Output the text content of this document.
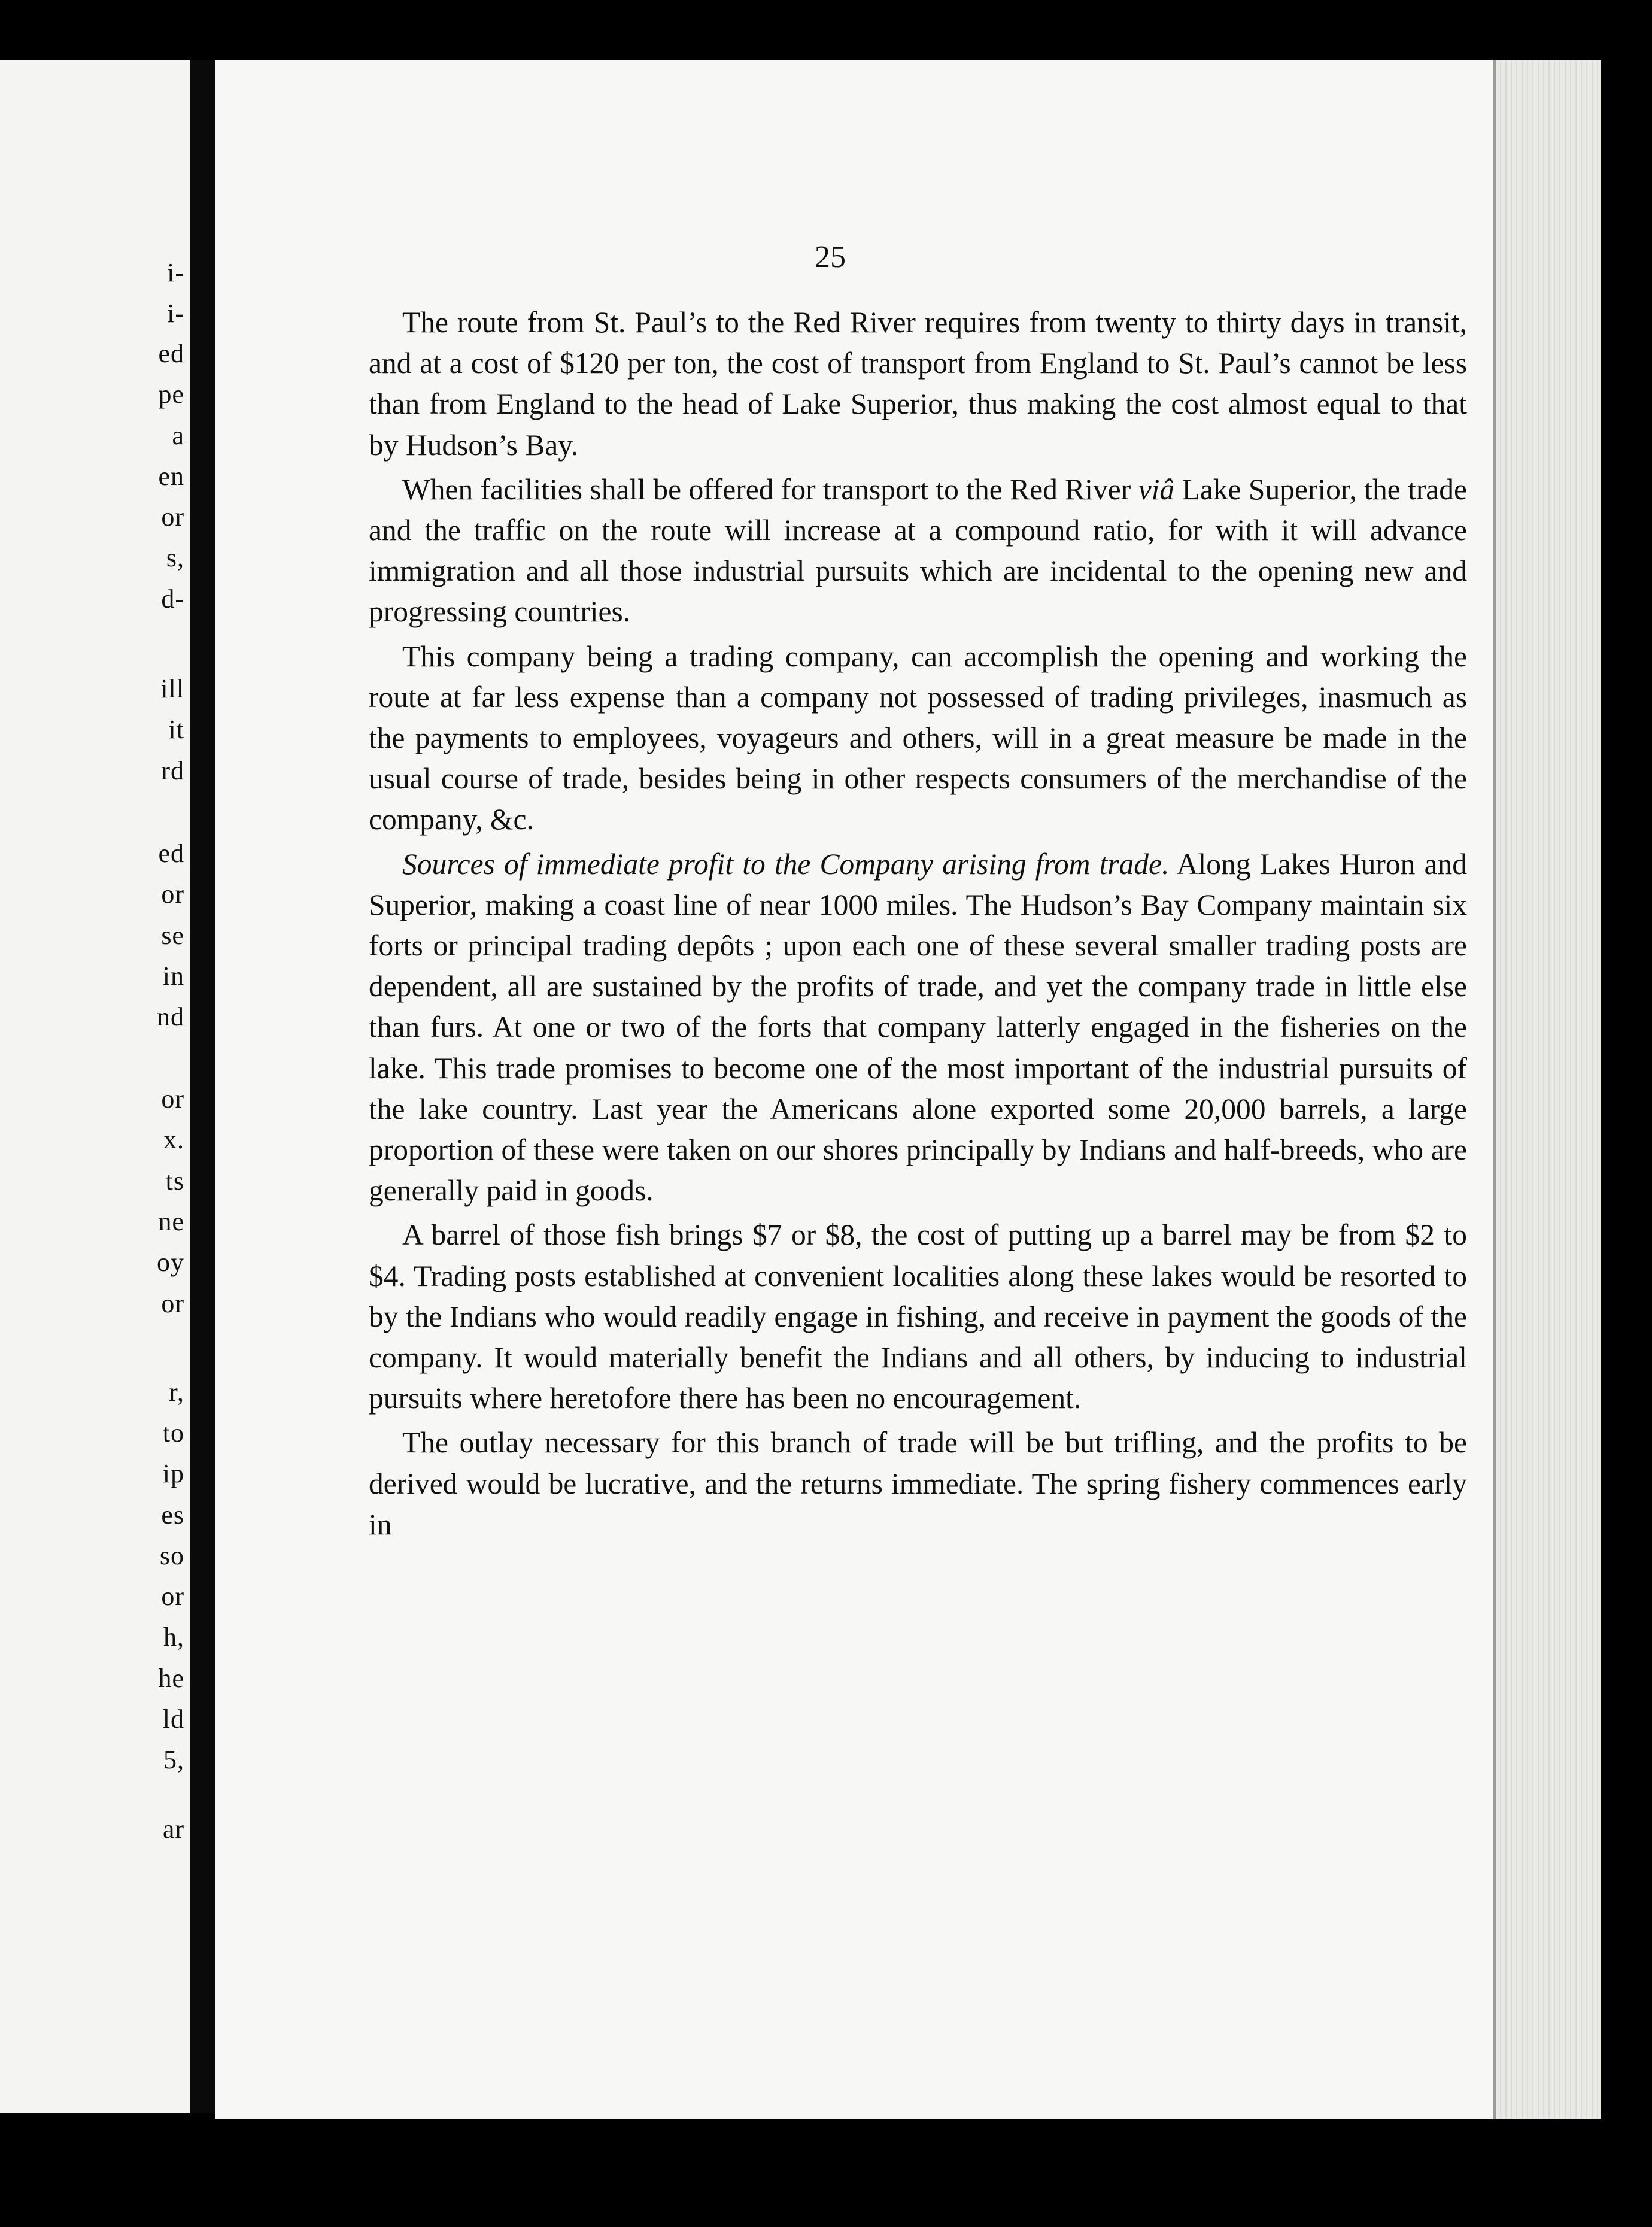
i-
i-
ed
pe
a
en
or
s,
d-
ill
it
rd
ed
or
se
in
nd
or
x.
ts
ne
oy
or
r,
to
ip
es
so
or
h,
he
ld
5,
ar
25

The route from St. Paul’s to the Red River requires from twenty to thirty days in transit, and at a cost of $120 per ton, the cost of transport from England to St. Paul’s cannot be less than from England to the head of Lake Superior, thus making the cost almost equal to that by Hudson’s Bay.

When facilities shall be offered for transport to the Red River viâ Lake Superior, the trade and the traffic on the route will increase at a compound ratio, for with it will advance immigration and all those industrial pursuits which are incidental to the opening new and progressing countries.

This company being a trading company, can accomplish the opening and working the route at far less expense than a company not possessed of trading privileges, inasmuch as the payments to employees, voyageurs and others, will in a great measure be made in the usual course of trade, besides being in other respects consumers of the merchandise of the company, &c.

Sources of immediate profit to the Company arising from trade. Along Lakes Huron and Superior, making a coast line of near 1000 miles. The Hudson’s Bay Company maintain six forts or principal trading depôts ; upon each one of these several smaller trading posts are dependent, all are sustained by the profits of trade, and yet the company trade in little else than furs. At one or two of the forts that company latterly engaged in the fisheries on the lake. This trade promises to become one of the most important of the industrial pursuits of the lake country. Last year the Americans alone exported some 20,000 barrels, a large proportion of these were taken on our shores principally by Indians and half-breeds, who are generally paid in goods.

A barrel of those fish brings $7 or $8, the cost of putting up a barrel may be from $2 to $4. Trading posts established at convenient localities along these lakes would be resorted to by the Indians who would readily engage in fishing, and receive in payment the goods of the company. It would materially benefit the Indians and all others, by inducing to industrial pursuits where heretofore there has been no encouragement.

The outlay necessary for this branch of trade will be but trifling, and the profits to be derived would be lucrative, and the returns immediate. The spring fishery commences early in
